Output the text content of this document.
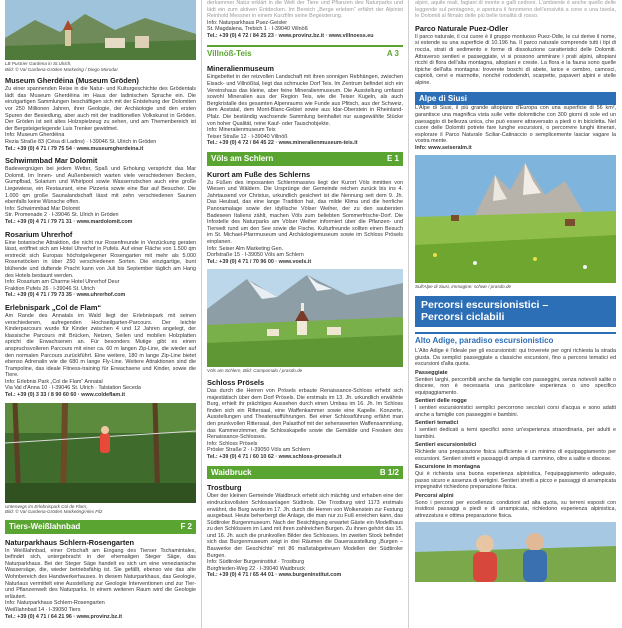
LB Pustrier Gardena in St.Ulrich,
Bild: © Val Gardena-Gröden Marketing / Diego Morodar
Museum Gherdëina (Museum Gröden)
Zu einer spannenden Reise in die Natur- und Kulturgeschichte des Grödentals lädt das Museum Gherdëina im Haus der ladinischen Sprache ein. Die einzigartigen Sammlungen beschäftigen sich mit der Entstehung der Dolomiten vor 250 Millionen Jahren, ihrer Geologie, der Archäologie und den ersten Spuren der Besiedlung, aber auch mit der traditionellen Volkskunst in Gröden. Der Gröden ist seit altes Holzspielzeug zu sehen, und am Themenbereich ist der Bergsteigerlegende Luis Trenker gewidmet.
Info: Museum Gherdëina
Rezia Straße 83 (Cësa di Ladins) · I-39046 St. Ulrich in Gröden
Tel.: +39 (0) 4 71 / 79 75 54 · www.museumgherdeina.it
Schwimmbad Mar Dolomit
Badevergnügen bei jedem Wetter, Spaß und Erholung verspricht das Mar Dolomit. Im Innen- und Außenbereich warten viele verschiedenen Becken, Gumpfbad, Solarium und Whirlpool sowie Wasserrutschen auch eine große Liegewiese, ein Restaurant, eine Pizzeria sowie eine Bar auf Besucher. Die 1.000 qm große Saunalandschaft lässt mit zehn verschiedenen Saunen ebenfalls keine Wünsche offen.
Info: Schwimmbad Mar Dolomit
Str. Promenade 2 · I-39046 St. Ulrich in Gröden
Tel.: +39 (0) 4 71 / 79 71 31 · www.mardolomit.com
Rosarium Uhrerhof
Eine botanische Attraktion, die nicht nur Rosenfreunde in Verzückung geraten lässt, eröffnet sich am Hotel Uhrerhof in Pufels. Auf einer Fläche von 1.500 qm erstreckt sich Europas höchstgelegener Rosengarten mit mehr als 5.000 Rosenstöcken in über 250 verschiedenen Sorten. Die einzigartige, bunt blühende und duftende Pracht kann von Juli bis September täglich am Hang des Hotels bestaunt werden.
Info: Rosarium am Charme Hotel Uhrerhof Deur
Fraktion Pufels 26 · I-39046 St. Ulrich
Tel.: +39 (0) 4 71 / 79 73 35 · www.uhrerhof.com
Erlebnispark „Col de Flam“
Am Rande des Annatals im Wald liegt der Erlebnispark mit seinen verschiedenen, aufregenden Hochseilgarten-Parcours. Der leichte Kinderparcours wurde für Kinder zwischen 4 und 12 Jahren angelegt, der klassische Parcours mit Brücken, Netzen, Seilen und mobilen Holzplatten spricht die Erwachsenen an. Für besonders Mutige gibt es einen anspruchsvolleren Parcours mit einer ca. 60 m langen Zip-Line, die wieder auf den normalen Parcours zurückführt. Eine weitere, 180 m lange Zip-Line bietet ebenso Adrenalin wie die 680 m lange Fly-Line. Weitere Attraktionen sind die Trampoline, das ideale Fitness-training für Erwachsene und Kinder, sowie die Tiere.
Info: Erlebnis Park „Col de Flam“ Annatal
Via Val d'Anna 10 · I-39046 St. Ulrich · Talstation Seceda
Tel.: +39 (0) 3 33 / 8 90 60 60 · www.coldeflam.it
Unterwegs im Erlebnispark Col de Flam,
Bild: © Val Gardena-Gröden Marketing/Alex Filz
Tiers-Weißlahnbad	F 2
Naturparkhaus Schlern-Rosengarten
In Weißlahnbad, einer Ortschaft am Eingang des Tierser Tschamintales, befindet sich, untergebracht in der ehemaligen Steger Säge, das Naturparkhaus. Bei der Steger Säge handelt es sich um eine venezianische Wassersäge, die, wieder betriebsfähig ist. Sie gefällt, ebenso wie das alte Wohnbereich des Handwerkerhauses. In diesem Naturparkhaus, das Geologie, Naturlaus vermittelt eine Ausstellung zur Geologie Interventionen und zur Tier- und Pflanzenwelt des Naturparks. In einem weiteren Raum wird die Geologie erläutert.
Info: Naturparkhaus Schlern-Rosengarten
Weißlahnbad 14 · I-39050 Tiers
Tel.: +39 (0) 4 71 / 64 21 96 · www.provinz.bz.it
derkammer Natur erklärt in die Welt der Tiere und Pflanzen des Naturparks und lädt ein zum aktiven Entdecken. Im Bereich „Berge erleben“ erfährt der Alpinist Reinhold Messner in einem Kurzfilm seine Begeisterung.
Info: Naturparkhaus Puez-Geisler
St. Magdalena, Trebich 1 · I-39040 Villnöß
Tel.: +39 (0) 4 72 / 84 25 23 · www.provinz.bz.it · www.villnoess.eu
Villnöß-Teis	A 3
Mineralienmuseum
Eingebettet in der reizvollen Landschaft mit ihren sonnigen Rebhängen, zwischen Eisack- und Villnößtal, liegt das schmucke Dorf Teis. Im Zentrum befindet sich ein Vereinshaus das kleine, aber feine Mineralienmuseum. Die Ausstellung umfasst sowohl Mineralien aus der Region Teis, wie die Teiser Kugeln, als auch Bergkristalle des gesamten Alpenraums wie Funde aus Pfitsch, aus der Schweiz, dem Aostatal, dem Mont-Blanc-Gebiet sowie aus Idar-Oberstein in Rheinland-Pfalz. Die beständig wachsende Sammlung beinhaltet nur ausgewählte Stücke von hoher Qualität, reine Kauf- oder Tauschobjekte.
Info: Mineralienmuseum Teis
Teiser Straße 12 · I-39040 Villnöß
Tel.: +39 (0) 4 72 / 84 45 22 · www.mineralienmuseum-teis.it
Völs am Schlern	E 1
Kurort am Fuße des Schlerns
Zu Füßen des imposanten Schlernmassivs liegt der Kurort Völs inmitten von Wiesen und Wäldern. Die Ursprünge der Gemeinde reichen zurück bis ins 4. Jahrtausend vor Christus, urkundlich gesichert ist die Nennung seit dem 9. Jh. Das Heubad, das eine lange Tradition hat, das milde Klima und die herrliche Panoramalage sowie der idyllische Völser Weiher, der zu den saubersten Badeseen Italiens zählt, machen Völs zum beliebten Sommerfrische-Dorf. Die Infostelle des Naturparks am Völser Weiher informiert über die Pflanzen- und Tierwelt rund um den See sowie die Fische. Kulturfreunde sollten einen Besuch im St. Michael-Pfarrmuseum und Archäologiemuseum sowie im Schloss Prösels einplanen.
Info: Seiser Alm Marketing Gen.
Dorfstraße 15 · I-39050 Völs am Schlern
Tel.: +39 (0) 4 71 / 70 96 00 · www.voels.it
Völs am Schlern, Bild: Campomalo / prasdo.de
Schloss Prösels
Das durch die Herren von Prösels erbaute Renaissance-Schloss erhebt sich majestätisch über dem Dorf Prösels. Die erstmals im 13. Jh. urkundlich erwähnte Burg, erhielt ihr prächtiges Aussehen durch einen Umbau im 16. Jh. Im Schloss finden sich ein Rittersaal, eine Waffenkammer sowie eine Kapelle. Konzerte, Ausstellungen und Theateraufführungen. Bei einer Schlossführung erfährt man den prunkvollen Rittersaal, den Palasthof mit der sehenswerten Waffensammlung, das Kammerzimmer, die Schlosskapelle sowie die Gemälde und Fresken des Renaissance-Schlosses.
Info: Schloss Prösels
Prösler Straße 2 · I-39050 Völs am Schlern
Tel.: +39 (0) 4 71 / 60 10 62 · www.schloss-proesels.it
Waidbruck	B 1/2
Trostburg
Über der kleinen Gemeinde Waidbruck erhebt sich mächtig und erhaben eine der eindrucksvollsten Schlossanlagen Südtirols. Die Trostburg wird 1173 erstmals erwähnt, die Burg wurde im 17. Jh. durch die Herren von Wolkenstein zur Festung ausgebaut. Heute beherbergt die Anlage, die man nur zu Fuß erreichen kann, das Südtiroler Burgenmuseum. Nach der Besichtigung erwartet Gäste ein Modellhaus zu den Schlössern im Land mit ihren zahlreichen Burgen. Zu ihnen gehört das 15. und 16. Jh. auch die prunkvollen Bilder des Schlosses. Im zweiten Stock befindet sich das Burgenmuseum zeigt in drei Räumen die Dauerausstellung „Burgen – Bauwerke der Geschichte“ mit 86 maßstabgetreuen Modellen der Südtiroler Burgen.
Info: Südtiroler Burgeninstitut · Trostburg
Burgfrieden-Weg 22 · I-39040 Waidbruck
Tel.: +39 (0) 4 71 / 65 44 01 · www.burgeninstitut.com
alpini, aquile reali, fagiani di monte e galli cedroni. L'ambiente è anche quello delle leggende sul pentagono, e apertura il fenomeno dell'erosività a cone e una tavola, le Dolomiti al filmato delle più belle tonalità di rosso.
Parco Naturale Puez-Odler
Il parco naturale, il cui cuore è il gruppo montuoso Puez-Odle, le cui derive il nome, si estende su una superficie di 10.196 ha. Il parco naturale comprende tutti i tipi di roccia, strati di sedimento e forme di dissoluzione caratteristici delle Dolomiti. Attraverso sentieri e passeggiate, vi si possono ammirare i prati alpini, altopiani ricchi di flora dell'alta montagna, altopiani e creste. La flora e la fauna sono quelle tipiche dell'alta montagna: troverete boschi di abete, larice e cembro, camosci, caprioli, cervi e marmotte, nonché rododendri, scarpette, papaveri alpini e stelle alpine.
Alpe di Siusi
L'Alpe di Siusi, il più grande altopiano d'Europa con una superficie di 56 km², garantisce una magnifica vista sulle vette dolomitiche con 300 giorni di sole ed un paesaggio di bellezza unica, che può essere attraversato a piedi o in bicicletta. Nel cuore delle Dolomiti potrete fare lunghe escursioni, o percorrere lunghi itinerari, esplorare il Parco Naturale Sciliar-Catinaccio o semplicemente lasciar vagare la vostra mente.
Info: www.seiseralm.it
Sull'Alpe di Siusi, immagine: schwe / prasdo.de
Percorsi escursionistici –
Percorsi ciclabili
Alto Adige, paradiso escursionistico
L'Alto Adige è l'ideale per gli escursionisti: qui troverete per ogni richiesta la strada giusta. Da semplici passeggiate a classiche escursioni, fino a percorsi tematici ed escursioni d'alta quota.
Passeggiate
Sentieri larghi, percorribili anche da famiglie con passeggini, senza notevoli salite o discese, non è necessaria una particolare esperienza o uno specifico equipaggiamento.
Sentieri delle rogge
I sentieri escursionistici semplici percorrono secolari corsi d'acqua e sono adatti anche a famiglie con passeggini e bambini.
Sentieri tematici
I sentieri dedicati a temi specifici sono un'esperienza straordinaria, per adulti e bambini.
Sentieri escursionistici
Richiede una preparazione fisica sufficiente e un minimo di equipaggiamento per escursioni. Sentieri stretti e passaggi di ampia di cammino, oltre a salite e discese.
Escursione in montagna
Qui è richiesta una buona esperienza alpinistica, l'equipaggiamento adeguato, passo sicuro e assenza di vertigini. Sentieri stretti a picco e passaggi di arrampicata impegnativi richiedono preparazione fisica.
Percorsi alpini
Sono i percorsi per eccellenza: condizioni ad alta quota, su terreni esposti con insidiosi passaggi a piedi e di arrampicata, richiedono esperienza alpinistica, attrezzatura e ottima preparazione fisica.
